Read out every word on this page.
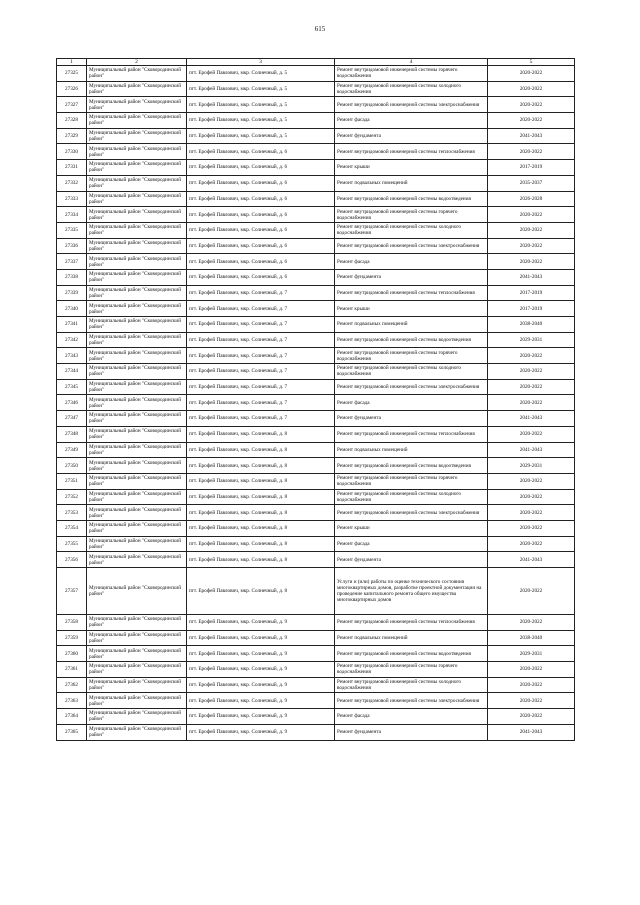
615
1	2	3	4	5
27325	Муниципальный район "Сковородинский район"	пгт. Ерофей Павлович, мкр. Солнечный, д. 5	Ремонт внутридомовой инженерной системы горячего водоснабжения	2020-2022
27326	Муниципальный район "Сковородинский район"	пгт. Ерофей Павлович, мкр. Солнечный, д. 5	Ремонт внутридомовой инженерной системы холодного водоснабжения	2020-2022
27327	Муниципальный район "Сковородинский район"	пгт. Ерофей Павлович, мкр. Солнечный, д. 5	Ремонт внутридомовой инженерной системы электроснабжения	2020-2022
27328	Муниципальный район "Сковородинский район"	пгт. Ерофей Павлович, мкр. Солнечный, д. 5	Ремонт фасада	2020-2022
27329	Муниципальный район "Сковородинский район"	пгт. Ерофей Павлович, мкр. Солнечный, д. 5	Ремонт фундамента	2041-2043
27330	Муниципальный район "Сковородинский район"	пгт. Ерофей Павлович, мкр. Солнечный, д. 6	Ремонт внутридомовой инженерной системы теплоснабжения	2020-2022
27331	Муниципальный район "Сковородинский район"	пгт. Ерофей Павлович, мкр. Солнечный, д. 6	Ремонт крыши	2017-2019
27332	Муниципальный район "Сковородинский район"	пгт. Ерофей Павлович, мкр. Солнечный, д. 6	Ремонт подвальных помещений	2035-2037
27333	Муниципальный район "Сковородинский район"	пгт. Ерофей Павлович, мкр. Солнечный, д. 6	Ремонт внутридомовой инженерной системы водоотведения	2026-2028
27334	Муниципальный район "Сковородинский район"	пгт. Ерофей Павлович, мкр. Солнечный, д. 6	Ремонт внутридомовой инженерной системы горячего водоснабжения	2020-2022
27335	Муниципальный район "Сковородинский район"	пгт. Ерофей Павлович, мкр. Солнечный, д. 6	Ремонт внутридомовой инженерной системы холодного водоснабжения	2020-2022
27336	Муниципальный район "Сковородинский район"	пгт. Ерофей Павлович, мкр. Солнечный, д. 6	Ремонт внутридомовой инженерной системы электроснабжения	2020-2022
27337	Муниципальный район "Сковородинский район"	пгт. Ерофей Павлович, мкр. Солнечный, д. 6	Ремонт фасада	2020-2022
27338	Муниципальный район "Сковородинский район"	пгт. Ерофей Павлович, мкр. Солнечный, д. 6	Ремонт фундамента	2041-2043
27339	Муниципальный район "Сковородинский район"	пгт. Ерофей Павлович, мкр. Солнечный, д. 7	Ремонт внутридомовой инженерной системы теплоснабжения	2017-2019
27340	Муниципальный район "Сковородинский район"	пгт. Ерофей Павлович, мкр. Солнечный, д. 7	Ремонт крыши	2017-2019
27341	Муниципальный район "Сковородинский район"	пгт. Ерофей Павлович, мкр. Солнечный, д. 7	Ремонт подвальных помещений	2038-2040
27342	Муниципальный район "Сковородинский район"	пгт. Ерофей Павлович, мкр. Солнечный, д. 7	Ремонт внутридомовой инженерной системы водоотведения	2029-2031
27343	Муниципальный район "Сковородинский район"	пгт. Ерофей Павлович, мкр. Солнечный, д. 7	Ремонт внутридомовой инженерной системы горячего водоснабжения	2020-2022
27344	Муниципальный район "Сковородинский район"	пгт. Ерофей Павлович, мкр. Солнечный, д. 7	Ремонт внутридомовой инженерной системы холодного водоснабжения	2020-2022
27345	Муниципальный район "Сковородинский район"	пгт. Ерофей Павлович, мкр. Солнечный, д. 7	Ремонт внутридомовой инженерной системы электроснабжения	2020-2022
27346	Муниципальный район "Сковородинский район"	пгт. Ерофей Павлович, мкр. Солнечный, д. 7	Ремонт фасада	2020-2022
27347	Муниципальный район "Сковородинский район"	пгт. Ерофей Павлович, мкр. Солнечный, д. 7	Ремонт фундамента	2041-2043
27348	Муниципальный район "Сковородинский район"	пгт. Ерофей Павлович, мкр. Солнечный, д. 8	Ремонт внутридомовой инженерной системы теплоснабжения	2020-2022
27349	Муниципальный район "Сковородинский район"	пгт. Ерофей Павлович, мкр. Солнечный, д. 8	Ремонт подвальных помещений	2041-2043
27350	Муниципальный район "Сковородинский район"	пгт. Ерофей Павлович, мкр. Солнечный, д. 8	Ремонт внутридомовой инженерной системы водоотведения	2029-2031
27351	Муниципальный район "Сковородинский район"	пгт. Ерофей Павлович, мкр. Солнечный, д. 8	Ремонт внутридомовой инженерной системы горячего водоснабжения	2020-2022
27352	Муниципальный район "Сковородинский район"	пгт. Ерофей Павлович, мкр. Солнечный, д. 8	Ремонт внутридомовой инженерной системы холодного водоснабжения	2020-2022
27353	Муниципальный район "Сковородинский район"	пгт. Ерофей Павлович, мкр. Солнечный, д. 8	Ремонт внутридомовой инженерной системы электроснабжения	2020-2022
27354	Муниципальный район "Сковородинский район"	пгт. Ерофей Павлович, мкр. Солнечный, д. 8	Ремонт крыши	2020-2022
27355	Муниципальный район "Сковородинский район"	пгт. Ерофей Павлович, мкр. Солнечный, д. 8	Ремонт фасада	2020-2022
27356	Муниципальный район "Сковородинский район"	пгт. Ерофей Павлович, мкр. Солнечный, д. 8	Ремонт фундамента	2041-2043
27357	Муниципальный район "Сковородинский район"	пгт. Ерофей Павлович, мкр. Солнечный, д. 8	Услуги и (или) работы по оценке технического состояния многоквартирных домов, разработке проектной документации на проведение капитального ремонта общего имущества многоквартирных домов	2020-2022
27358	Муниципальный район "Сковородинский район"	пгт. Ерофей Павлович, мкр. Солнечный, д. 9	Ремонт внутридомовой инженерной системы теплоснабжения	2020-2022
27359	Муниципальный район "Сковородинский район"	пгт. Ерофей Павлович, мкр. Солнечный, д. 9	Ремонт подвальных помещений	2038-2040
27360	Муниципальный район "Сковородинский район"	пгт. Ерофей Павлович, мкр. Солнечный, д. 9	Ремонт внутридомовой инженерной системы водоотведения	2029-2031
27361	Муниципальный район "Сковородинский район"	пгт. Ерофей Павлович, мкр. Солнечный, д. 9	Ремонт внутридомовой инженерной системы горячего водоснабжения	2020-2022
27362	Муниципальный район "Сковородинский район"	пгт. Ерофей Павлович, мкр. Солнечный, д. 9	Ремонт внутридомовой инженерной системы холодного водоснабжения	2020-2022
27363	Муниципальный район "Сковородинский район"	пгт. Ерофей Павлович, мкр. Солнечный, д. 9	Ремонт внутридомовой инженерной системы электроснабжения	2020-2022
27364	Муниципальный район "Сковородинский район"	пгт. Ерофей Павлович, мкр. Солнечный, д. 9	Ремонт фасада	2020-2022
27365	Муниципальный район "Сковородинский район"	пгт. Ерофей Павлович, мкр. Солнечный, д. 9	Ремонт фундамента	2041-2043
